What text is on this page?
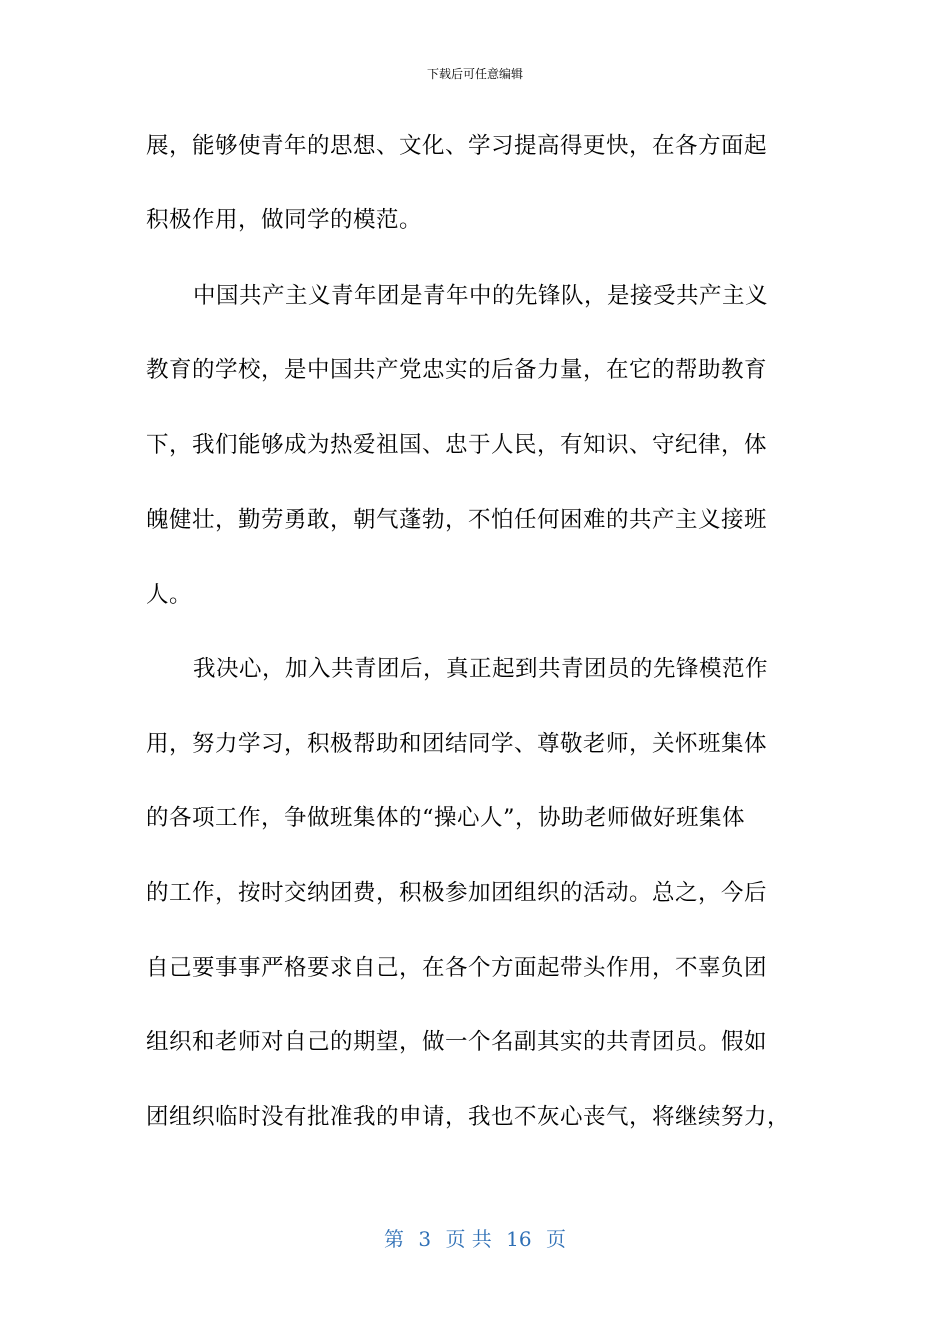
下载后可任意编辑
展，能够使青年的思想、文化、学习提高得更快，在各方面起
积极作用，做同学的模范。
中国共产主义青年团是青年中的先锋队，是接受共产主义
教育的学校，是中国共产党忠实的后备力量，在它的帮助教育
下，我们能够成为热爱祖国、忠于人民，有知识、守纪律，体
魄健壮，勤劳勇敢，朝气蓬勃，不怕任何困难的共产主义接班
人。
我决心，加入共青团后，真正起到共青团员的先锋模范作
用，努力学习，积极帮助和团结同学、尊敬老师，关怀班集体
的各项工作，争做班集体的“操心人”，协助老师做好班集体
的工作，按时交纳团费，积极参加团组织的活动。总之，今后
自己要事事严格要求自己，在各个方面起带头作用，不辜负团
组织和老师对自己的期望，做一个名副其实的共青团员。假如
团组织临时没有批准我的申请，我也不灰心丧气，将继续努力，
第 3 页 共 16 页
